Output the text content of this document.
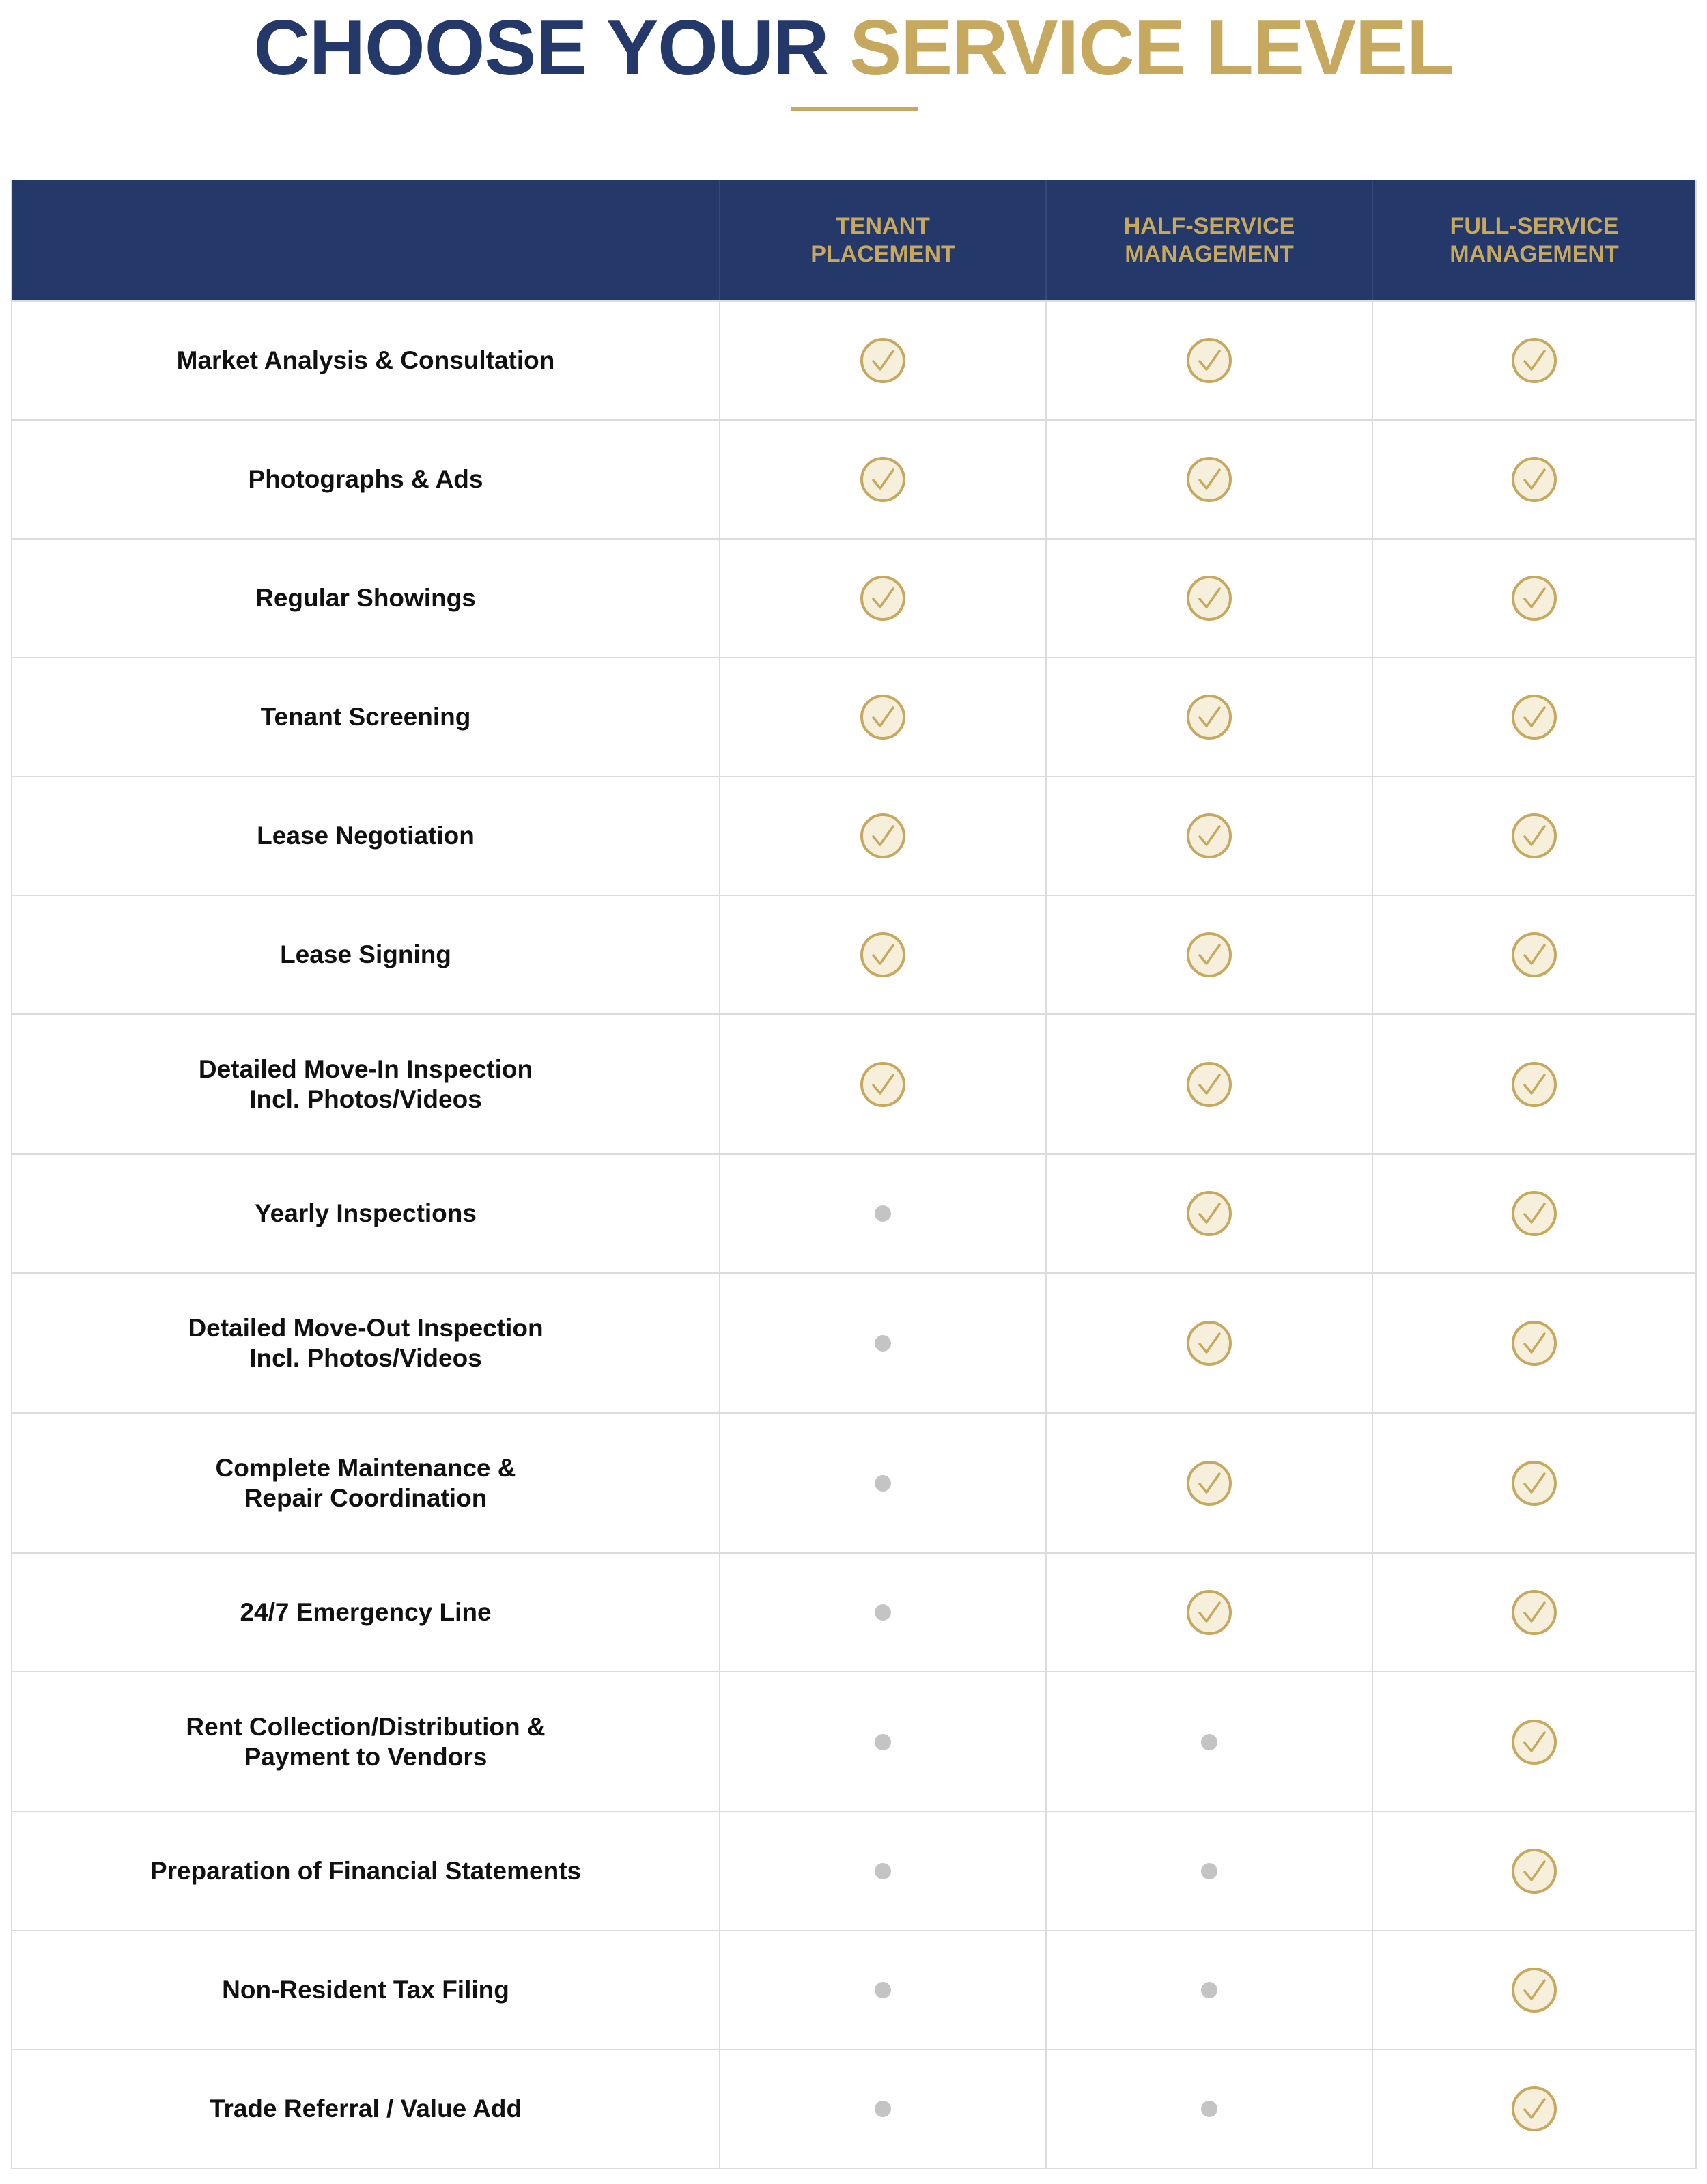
CHOOSE YOUR SERVICE LEVEL
TENANT
PLACEMENT
HALF-SERVICE
MANAGEMENT
FULL-SERVICE
MANAGEMENT
Market Analysis & Consultation
Photographs & Ads
Regular Showings
Tenant Screening
Lease Negotiation
Lease Signing
Detailed Move-In Inspection
Incl. Photos/Videos
Yearly Inspections
Detailed Move-Out Inspection
Incl. Photos/Videos
Complete Maintenance &
Repair Coordination
24/7 Emergency Line
Rent Collection/Distribution &
Payment to Vendors
Preparation of Financial Statements
Non-Resident Tax Filing
Trade Referral / Value Add
